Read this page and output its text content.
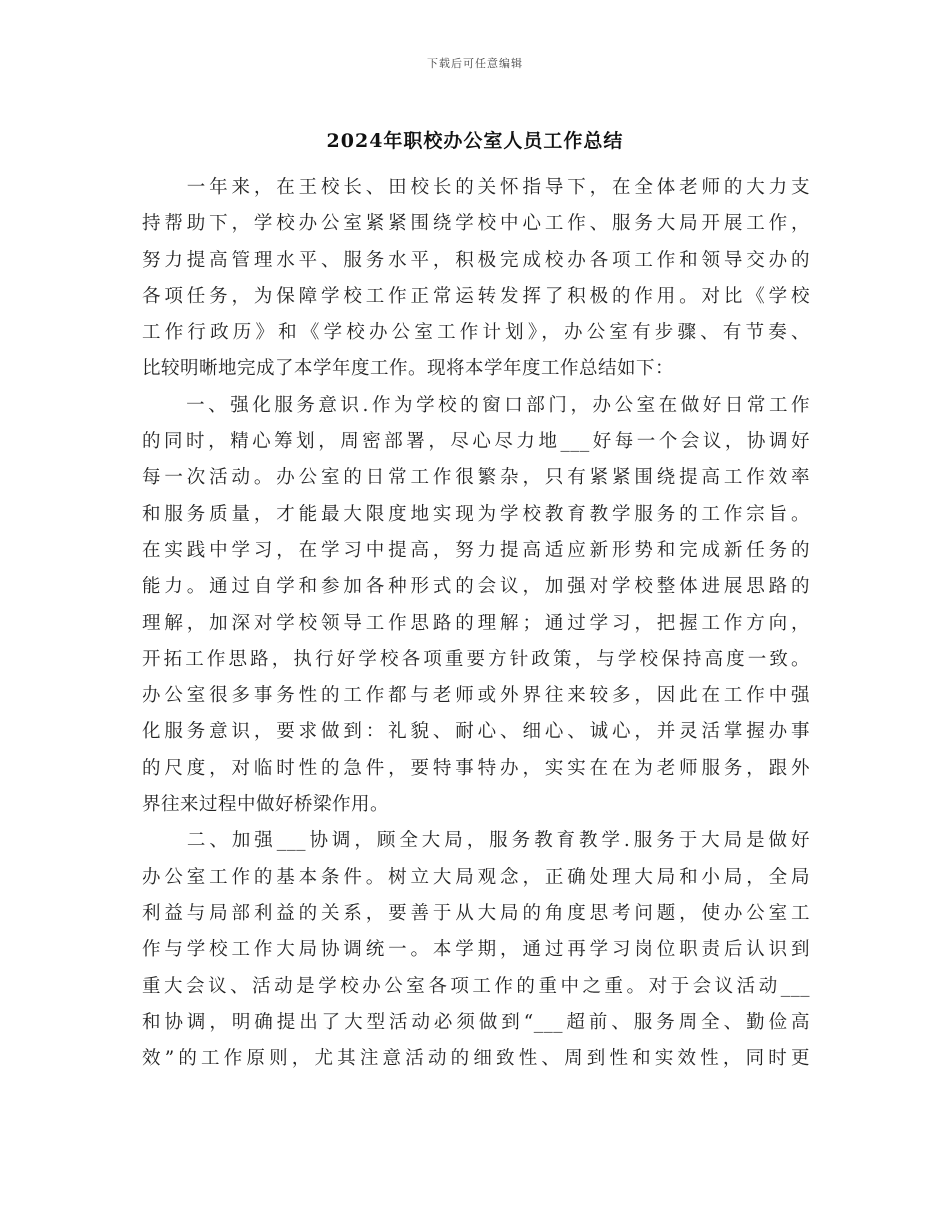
下载后可任意编辑
2024年职校办公室人员工作总结
　　一年来，在王校长、田校长的关怀指导下，在全体老师的大力支
持帮助下，学校办公室紧紧围绕学校中心工作、服务大局开展工作，
努力提高管理水平、服务水平，积极完成校办各项工作和领导交办的
各项任务，为保障学校工作正常运转发挥了积极的作用。对比《学校
工作行政历》和《学校办公室工作计划》，办公室有步骤、有节奏、
比较明晰地完成了本学年度工作。现将本学年度工作总结如下：
　　一、强化服务意识.作为学校的窗口部门，办公室在做好日常工作
的同时，精心筹划，周密部署，尽心尽力地___好每一个会议，协调好
每一次活动。办公室的日常工作很繁杂，只有紧紧围绕提高工作效率
和服务质量，才能最大限度地实现为学校教育教学服务的工作宗旨。
在实践中学习，在学习中提高，努力提高适应新形势和完成新任务的
能力。通过自学和参加各种形式的会议，加强对学校整体进展思路的
理解，加深对学校领导工作思路的理解；通过学习，把握工作方向，
开拓工作思路，执行好学校各项重要方针政策，与学校保持高度一致。
办公室很多事务性的工作都与老师或外界往来较多，因此在工作中强
化服务意识，要求做到：礼貌、耐心、细心、诚心，并灵活掌握办事
的尺度，对临时性的急件，要特事特办，实实在在为老师服务，跟外
界往来过程中做好桥梁作用。
　　二、加强___协调，顾全大局，服务教育教学.服务于大局是做好
办公室工作的基本条件。树立大局观念，正确处理大局和小局，全局
利益与局部利益的关系，要善于从大局的角度思考问题，使办公室工
作与学校工作大局协调统一。本学期，通过再学习岗位职责后认识到
重大会议、活动是学校办公室各项工作的重中之重。对于会议活动___
和协调，明确提出了大型活动必须做到“___超前、服务周全、勤俭高
效”的工作原则，尤其注意活动的细致性、周到性和实效性，同时更
